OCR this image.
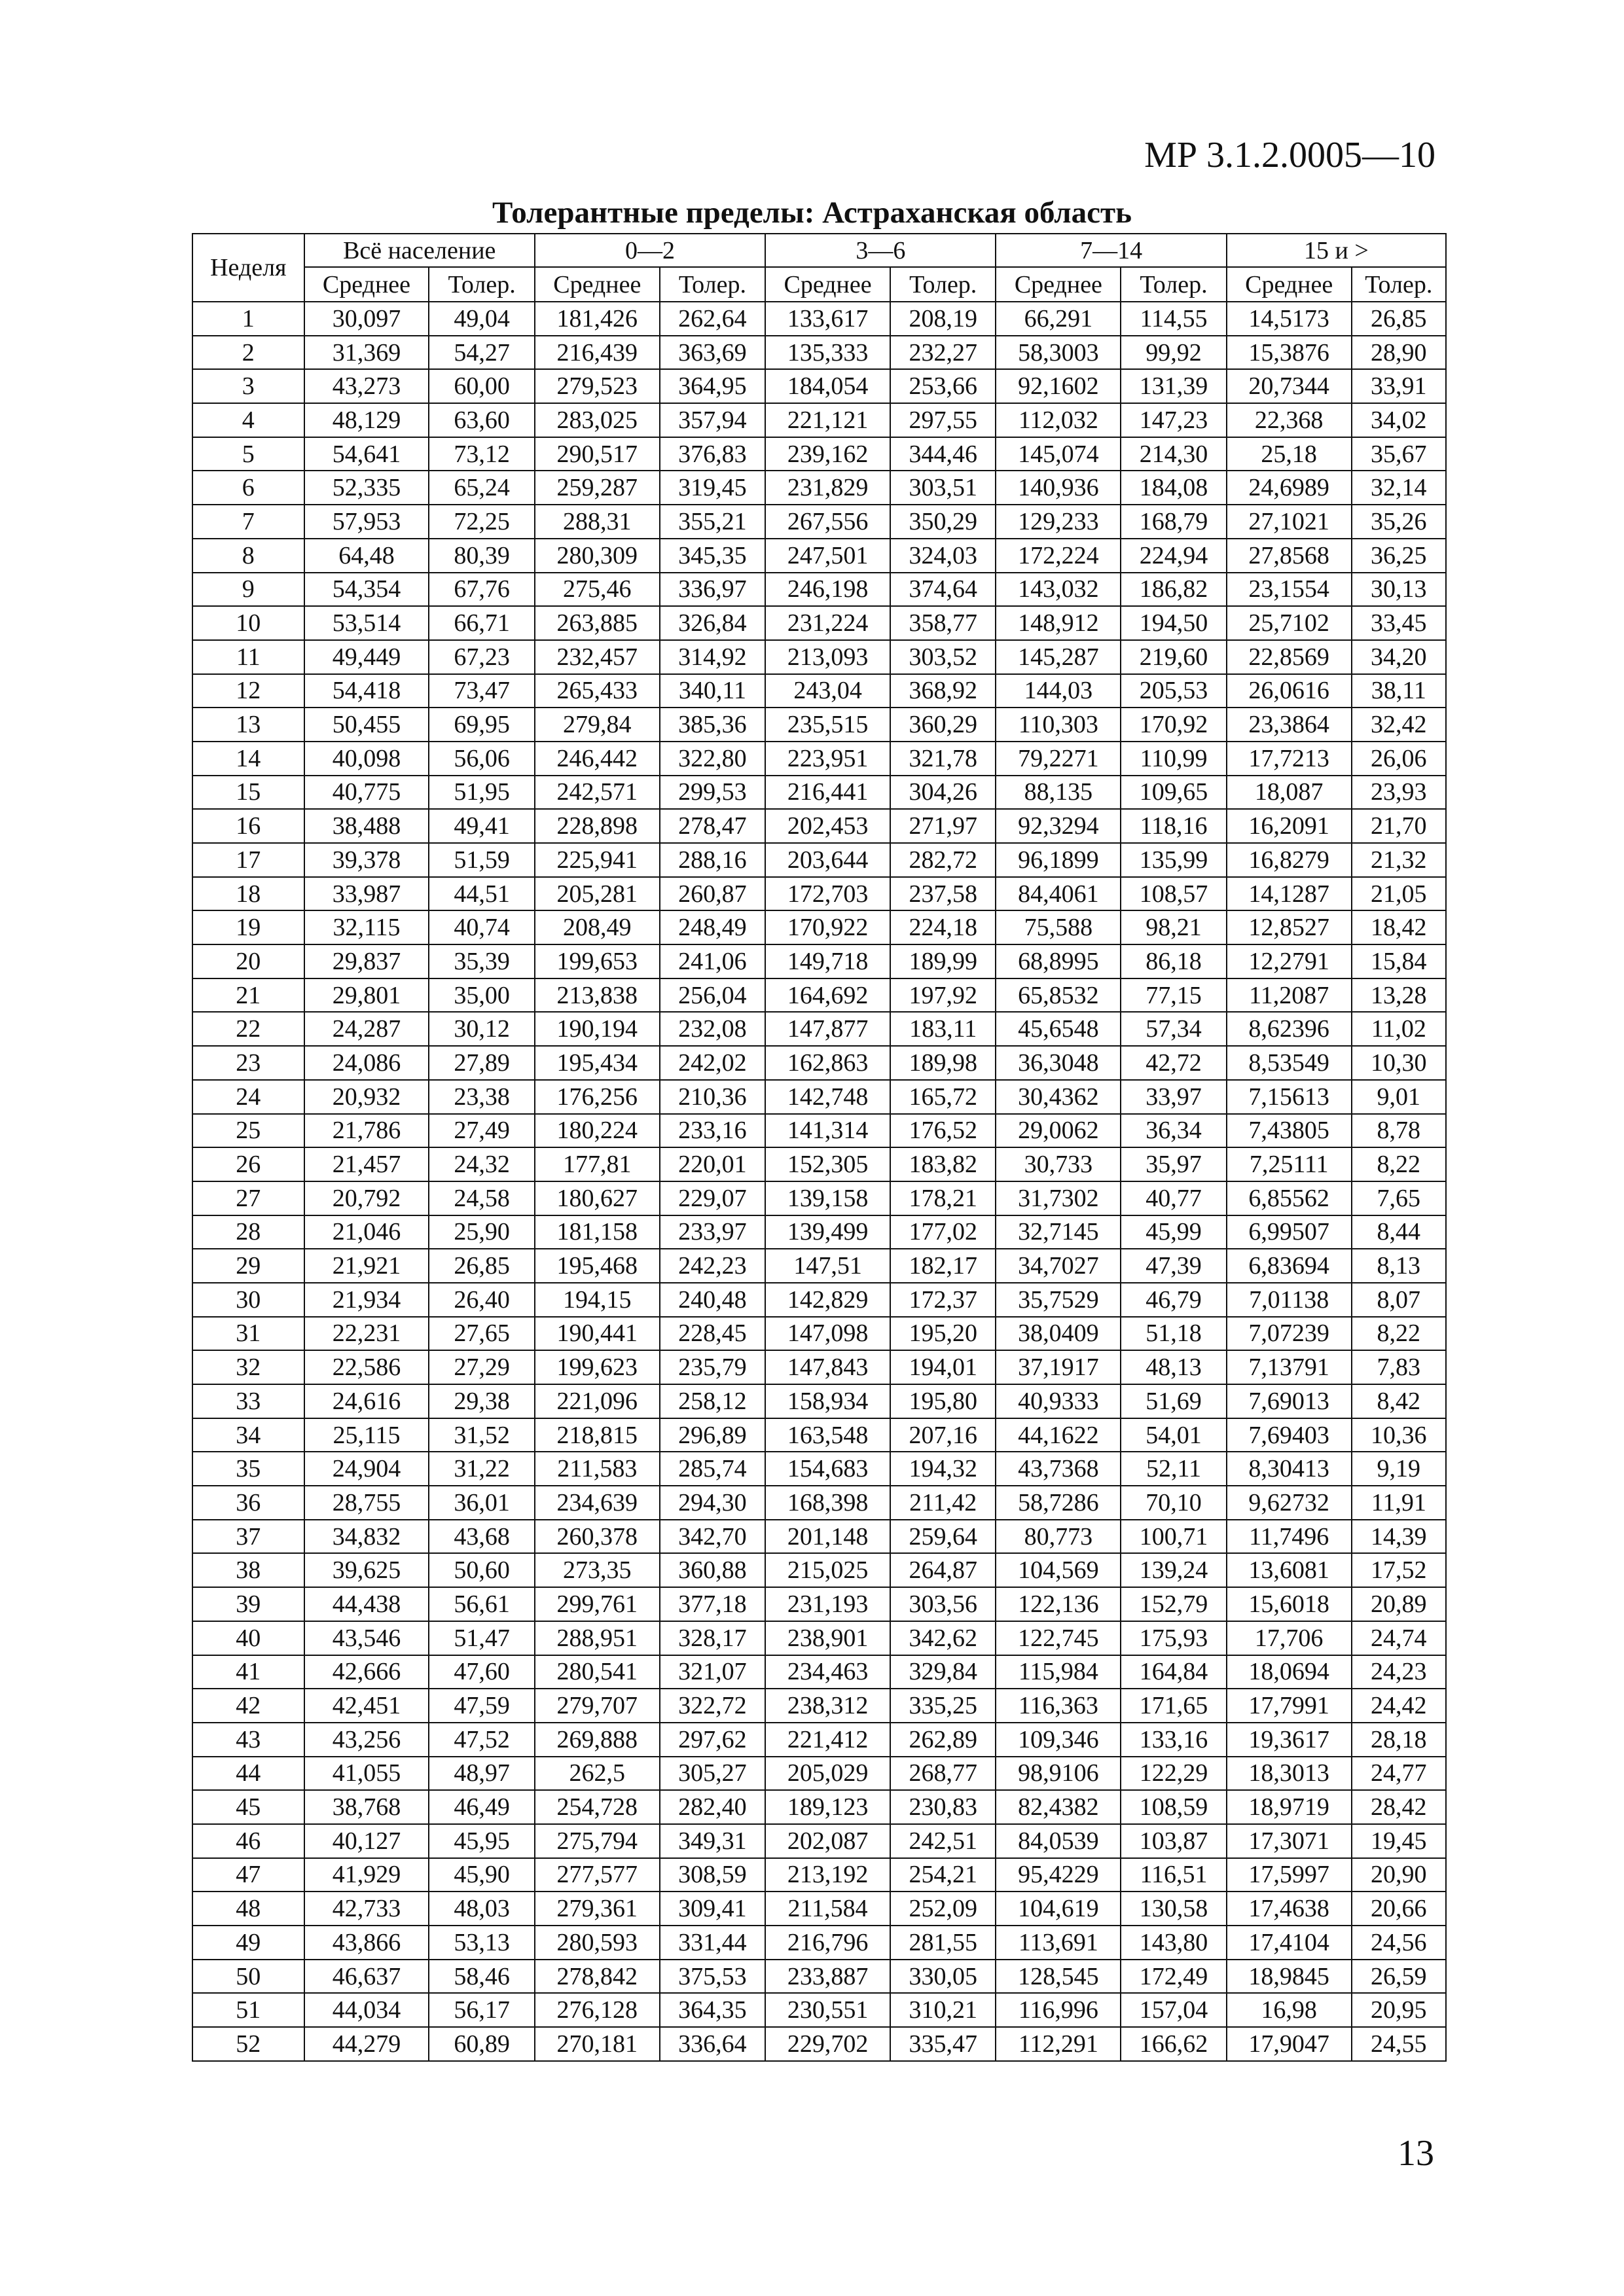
МР 3.1.2.0005—10
Толерантные пределы: Астраханская область
Неделя	Всё население		0—2		3—6		7—14		15 и >	
	Среднее	Толер.	Среднее	Толер.	Среднее	Толер.	Среднее	Толер.	Среднее	Толер.
1	30,097	49,04	181,426	262,64	133,617	208,19	66,291	114,55	14,5173	26,85
2	31,369	54,27	216,439	363,69	135,333	232,27	58,3003	99,92	15,3876	28,90
3	43,273	60,00	279,523	364,95	184,054	253,66	92,1602	131,39	20,7344	33,91
4	48,129	63,60	283,025	357,94	221,121	297,55	112,032	147,23	22,368	34,02
5	54,641	73,12	290,517	376,83	239,162	344,46	145,074	214,30	25,18	35,67
6	52,335	65,24	259,287	319,45	231,829	303,51	140,936	184,08	24,6989	32,14
7	57,953	72,25	288,31	355,21	267,556	350,29	129,233	168,79	27,1021	35,26
8	64,48	80,39	280,309	345,35	247,501	324,03	172,224	224,94	27,8568	36,25
9	54,354	67,76	275,46	336,97	246,198	374,64	143,032	186,82	23,1554	30,13
10	53,514	66,71	263,885	326,84	231,224	358,77	148,912	194,50	25,7102	33,45
11	49,449	67,23	232,457	314,92	213,093	303,52	145,287	219,60	22,8569	34,20
12	54,418	73,47	265,433	340,11	243,04	368,92	144,03	205,53	26,0616	38,11
13	50,455	69,95	279,84	385,36	235,515	360,29	110,303	170,92	23,3864	32,42
14	40,098	56,06	246,442	322,80	223,951	321,78	79,2271	110,99	17,7213	26,06
15	40,775	51,95	242,571	299,53	216,441	304,26	88,135	109,65	18,087	23,93
16	38,488	49,41	228,898	278,47	202,453	271,97	92,3294	118,16	16,2091	21,70
17	39,378	51,59	225,941	288,16	203,644	282,72	96,1899	135,99	16,8279	21,32
18	33,987	44,51	205,281	260,87	172,703	237,58	84,4061	108,57	14,1287	21,05
19	32,115	40,74	208,49	248,49	170,922	224,18	75,588	98,21	12,8527	18,42
20	29,837	35,39	199,653	241,06	149,718	189,99	68,8995	86,18	12,2791	15,84
21	29,801	35,00	213,838	256,04	164,692	197,92	65,8532	77,15	11,2087	13,28
22	24,287	30,12	190,194	232,08	147,877	183,11	45,6548	57,34	8,62396	11,02
23	24,086	27,89	195,434	242,02	162,863	189,98	36,3048	42,72	8,53549	10,30
24	20,932	23,38	176,256	210,36	142,748	165,72	30,4362	33,97	7,15613	9,01
25	21,786	27,49	180,224	233,16	141,314	176,52	29,0062	36,34	7,43805	8,78
26	21,457	24,32	177,81	220,01	152,305	183,82	30,733	35,97	7,25111	8,22
27	20,792	24,58	180,627	229,07	139,158	178,21	31,7302	40,77	6,85562	7,65
28	21,046	25,90	181,158	233,97	139,499	177,02	32,7145	45,99	6,99507	8,44
29	21,921	26,85	195,468	242,23	147,51	182,17	34,7027	47,39	6,83694	8,13
30	21,934	26,40	194,15	240,48	142,829	172,37	35,7529	46,79	7,01138	8,07
31	22,231	27,65	190,441	228,45	147,098	195,20	38,0409	51,18	7,07239	8,22
32	22,586	27,29	199,623	235,79	147,843	194,01	37,1917	48,13	7,13791	7,83
33	24,616	29,38	221,096	258,12	158,934	195,80	40,9333	51,69	7,69013	8,42
34	25,115	31,52	218,815	296,89	163,548	207,16	44,1622	54,01	7,69403	10,36
35	24,904	31,22	211,583	285,74	154,683	194,32	43,7368	52,11	8,30413	9,19
36	28,755	36,01	234,639	294,30	168,398	211,42	58,7286	70,10	9,62732	11,91
37	34,832	43,68	260,378	342,70	201,148	259,64	80,773	100,71	11,7496	14,39
38	39,625	50,60	273,35	360,88	215,025	264,87	104,569	139,24	13,6081	17,52
39	44,438	56,61	299,761	377,18	231,193	303,56	122,136	152,79	15,6018	20,89
40	43,546	51,47	288,951	328,17	238,901	342,62	122,745	175,93	17,706	24,74
41	42,666	47,60	280,541	321,07	234,463	329,84	115,984	164,84	18,0694	24,23
42	42,451	47,59	279,707	322,72	238,312	335,25	116,363	171,65	17,7991	24,42
43	43,256	47,52	269,888	297,62	221,412	262,89	109,346	133,16	19,3617	28,18
44	41,055	48,97	262,5	305,27	205,029	268,77	98,9106	122,29	18,3013	24,77
45	38,768	46,49	254,728	282,40	189,123	230,83	82,4382	108,59	18,9719	28,42
46	40,127	45,95	275,794	349,31	202,087	242,51	84,0539	103,87	17,3071	19,45
47	41,929	45,90	277,577	308,59	213,192	254,21	95,4229	116,51	17,5997	20,90
48	42,733	48,03	279,361	309,41	211,584	252,09	104,619	130,58	17,4638	20,66
49	43,866	53,13	280,593	331,44	216,796	281,55	113,691	143,80	17,4104	24,56
50	46,637	58,46	278,842	375,53	233,887	330,05	128,545	172,49	18,9845	26,59
51	44,034	56,17	276,128	364,35	230,551	310,21	116,996	157,04	16,98	20,95
52	44,279	60,89	270,181	336,64	229,702	335,47	112,291	166,62	17,9047	24,55
13
